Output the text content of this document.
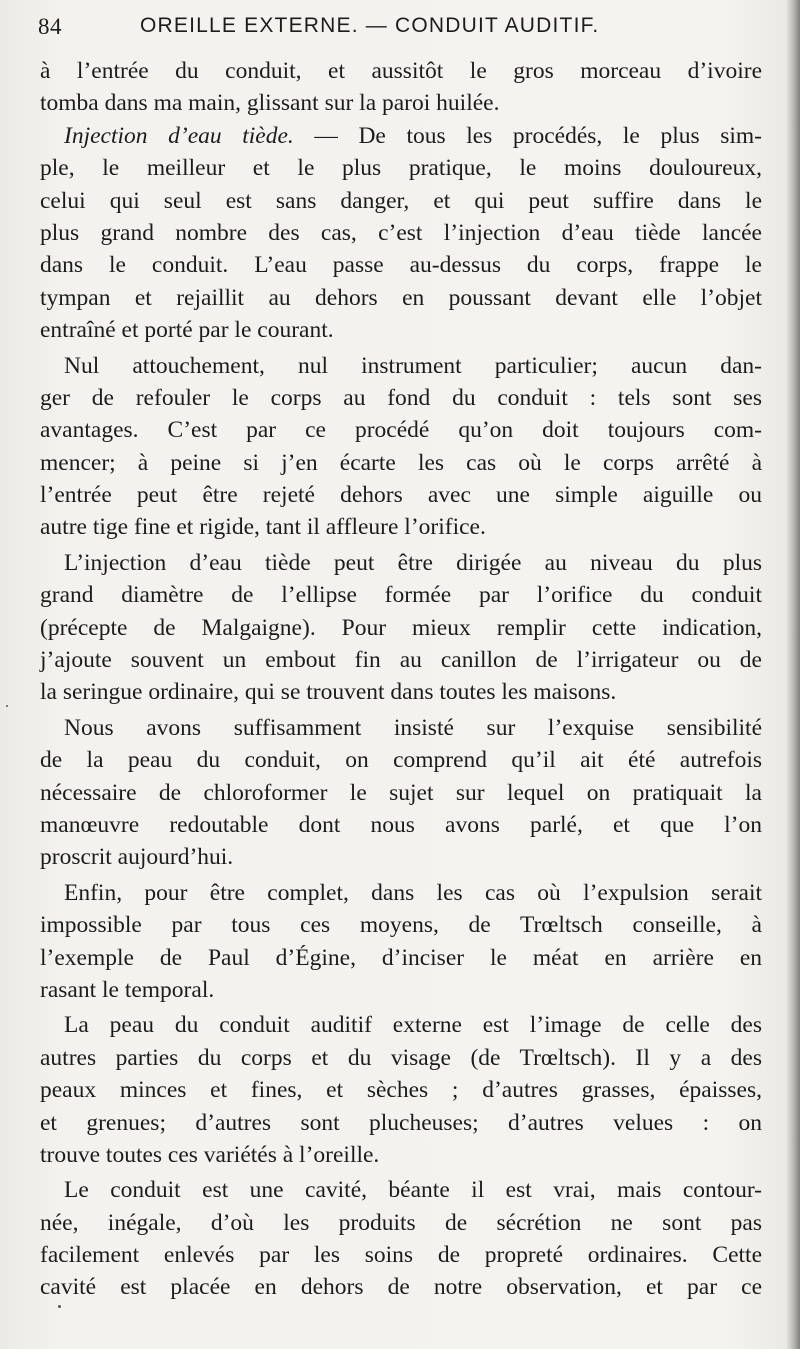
84	OREILLE EXTERNE. — CONDUIT AUDITIF.
à l’entrée du conduit, et aussitôt le gros morceau d’ivoire
tomba dans ma main, glissant sur la paroi huilée.
Injection d’eau tiède. — De tous les procédés, le plus sim-
ple, le meilleur et le plus pratique, le moins douloureux,
celui qui seul est sans danger, et qui peut suffire dans le
plus grand nombre des cas, c’est l’injection d’eau tiède lancée
dans le conduit. L’eau passe au-dessus du corps, frappe le
tympan et rejaillit au dehors en poussant devant elle l’objet
entraîné et porté par le courant.
Nul attouchement, nul instrument particulier; aucun dan-
ger de refouler le corps au fond du conduit : tels sont ses
avantages. C’est par ce procédé qu’on doit toujours com-
mencer; à peine si j’en écarte les cas où le corps arrêté à
l’entrée peut être rejeté dehors avec une simple aiguille ou
autre tige fine et rigide, tant il affleure l’orifice.
L’injection d’eau tiède peut être dirigée au niveau du plus
grand diamètre de l’ellipse formée par l’orifice du conduit
(précepte de Malgaigne). Pour mieux remplir cette indication,
j’ajoute souvent un embout fin au canillon de l’irrigateur ou de
la seringue ordinaire, qui se trouvent dans toutes les maisons.
Nous avons suffisamment insisté sur l’exquise sensibilité
de la peau du conduit, on comprend qu’il ait été autrefois
nécessaire de chloroformer le sujet sur lequel on pratiquait la
manœuvre redoutable dont nous avons parlé, et que l’on
proscrit aujourd’hui.
Enfin, pour être complet, dans les cas où l’expulsion serait
impossible par tous ces moyens, de Trœltsch conseille, à
l’exemple de Paul d’Égine, d’inciser le méat en arrière en
rasant le temporal.
La peau du conduit auditif externe est l’image de celle des
autres parties du corps et du visage (de Trœltsch). Il y a des
peaux minces et fines, et sèches ; d’autres grasses, épaisses,
et grenues; d’autres sont plucheuses; d’autres velues : on
trouve toutes ces variétés à l’oreille.
Le conduit est une cavité, béante il est vrai, mais contour-
née, inégale, d’où les produits de sécrétion ne sont pas
facilement enlevés par les soins de propreté ordinaires. Cette
cavité est placée en dehors de notre observation, et par ce
